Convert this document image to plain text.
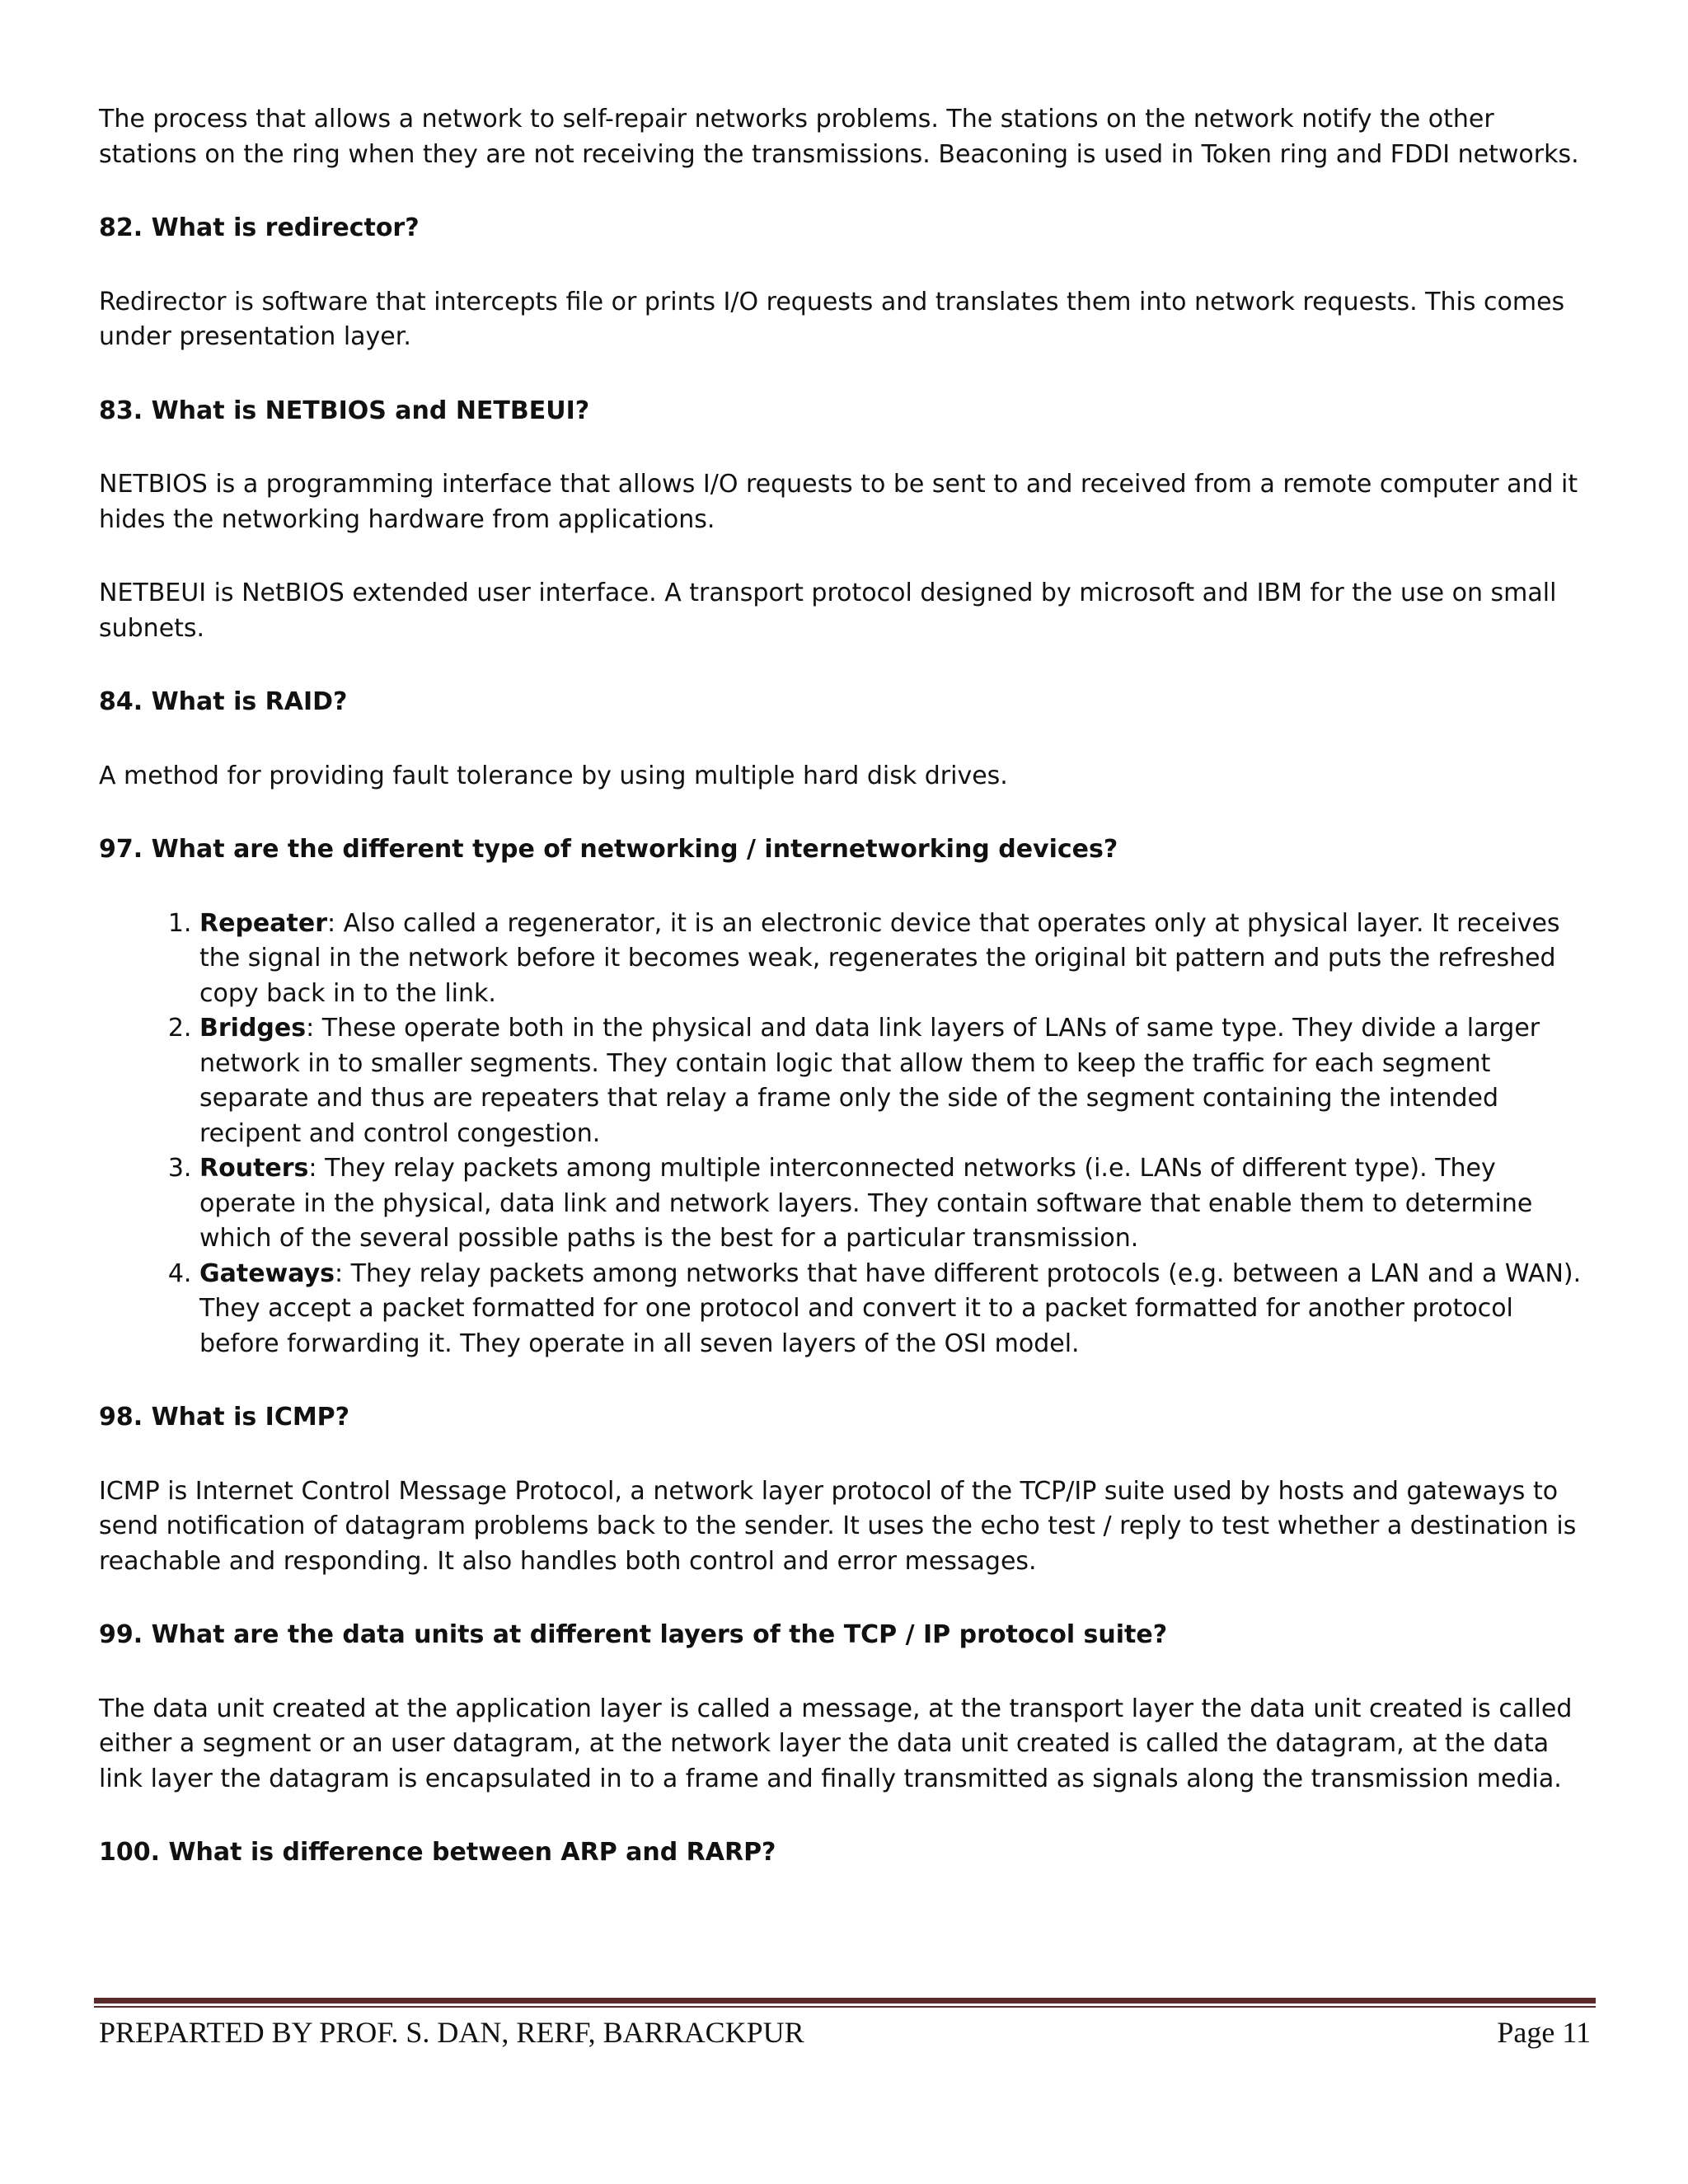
The process that allows a network to self-repair networks problems. The stations on the network notify the other stations on the ring when they are not receiving the transmissions. Beaconing is used in Token ring and FDDI networks.

82. What is redirector?

Redirector is software that intercepts file or prints I/O requests and translates them into network requests. This comes under presentation layer.

83. What is NETBIOS and NETBEUI?

NETBIOS is a programming interface that allows I/O requests to be sent to and received from a remote computer and it hides the networking hardware from applications.

NETBEUI is NetBIOS extended user interface. A transport protocol designed by microsoft and IBM for the use on small subnets.

84. What is RAID?

A method for providing fault tolerance by using multiple hard disk drives.

97. What are the different type of networking / internetworking devices?

1. Repeater: Also called a regenerator, it is an electronic device that operates only at physical layer. It receives the signal in the network before it becomes weak, regenerates the original bit pattern and puts the refreshed copy back in to the link.
2. Bridges: These operate both in the physical and data link layers of LANs of same type. They divide a larger network in to smaller segments. They contain logic that allow them to keep the traffic for each segment separate and thus are repeaters that relay a frame only the side of the segment containing the intended recipent and control congestion.
3. Routers: They relay packets among multiple interconnected networks (i.e. LANs of different type). They operate in the physical, data link and network layers. They contain software that enable them to determine which of the several possible paths is the best for a particular transmission.
4. Gateways: They relay packets among networks that have different protocols (e.g. between a LAN and a WAN). They accept a packet formatted for one protocol and convert it to a packet formatted for another protocol before forwarding it. They operate in all seven layers of the OSI model.

98. What is ICMP?

ICMP is Internet Control Message Protocol, a network layer protocol of the TCP/IP suite used by hosts and gateways to send notification of datagram problems back to the sender. It uses the echo test / reply to test whether a destination is reachable and responding. It also handles both control and error messages.

99. What are the data units at different layers of the TCP / IP protocol suite?

The data unit created at the application layer is called a message, at the transport layer the data unit created is called either a segment or an user datagram, at the network layer the data unit created is called the datagram, at the data link layer the datagram is encapsulated in to a frame and finally transmitted as signals along the transmission media.

100. What is difference between ARP and RARP?

PREPARTED BY PROF. S. DAN, RERF, BARRACKPUR	Page 11
